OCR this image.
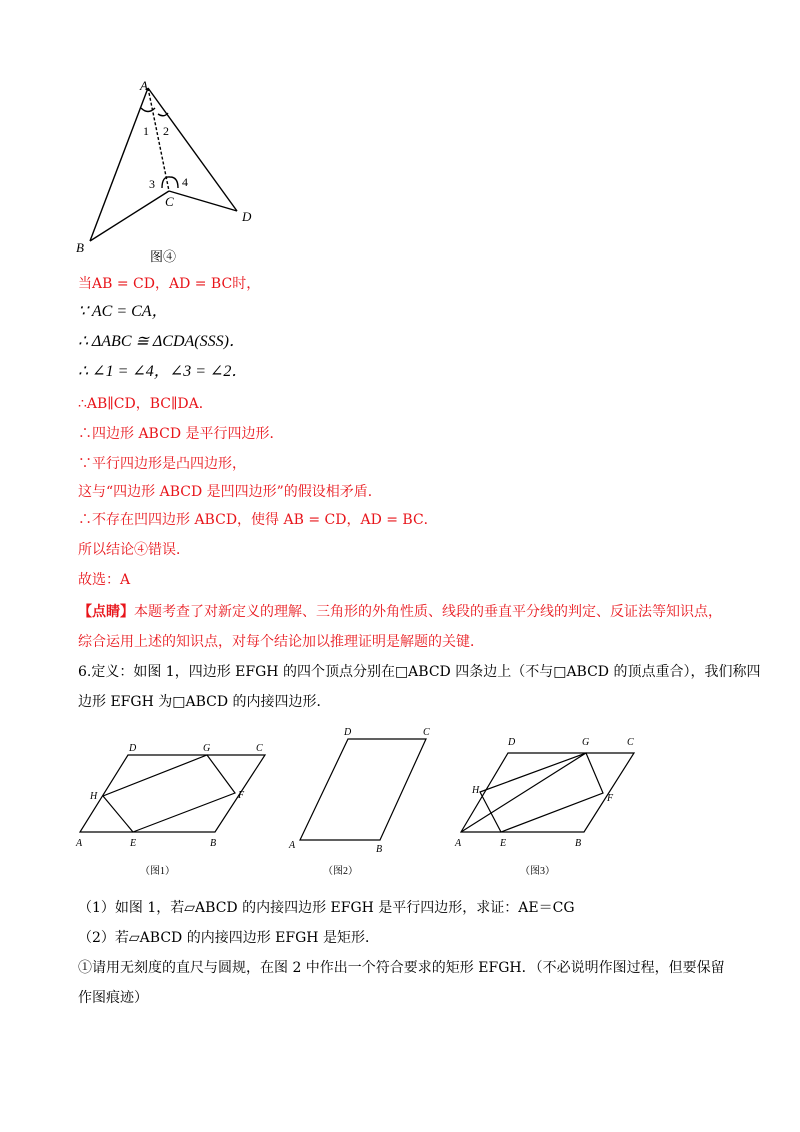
A
B
C
D
1 2
3 4
图④
当AB = CD，AD = BC时，
∵ AC = CA，
∴ ΔABC ≅ ΔCDA(SSS)．
∴ ∠1 = ∠4，∠3 = ∠2．
∴AB∥CD，BC∥DA．
∴四边形 ABCD 是平行四边形．
∵平行四边形是凸四边形，
这与“四边形 ABCD 是凹四边形”的假设相矛盾．
∴不存在凹四边形 ABCD，使得 AB = CD，AD = BC．
所以结论④错误．
故选：A
【点睛】本题考查了对新定义的理解、三角形的外角性质、线段的垂直平分线的判定、反证法等知识点，
综合运用上述的知识点，对每个结论加以推理证明是解题的关键．
6.定义：如图 1，四边形 EFGH 的四个顶点分别在□ABCD 四条边上（不与□ABCD 的顶点重合），我们称四
边形 EFGH 为□ABCD 的内接四边形．
A	B
C
D
E
F
G
H
（图1）
A	B
C
D
（图2）
A	B
C
D
E
F
G
H
（图3）
（1）如图 1，若▱ABCD 的内接四边形 EFGH 是平行四边形，求证：AE＝CG
（2）若▱ABCD 的内接四边形 EFGH 是矩形．
①请用无刻度的直尺与圆规，在图 2 中作出一个符合要求的矩形 EFGH．（不必说明作图过程，但要保留
作图痕迹）
